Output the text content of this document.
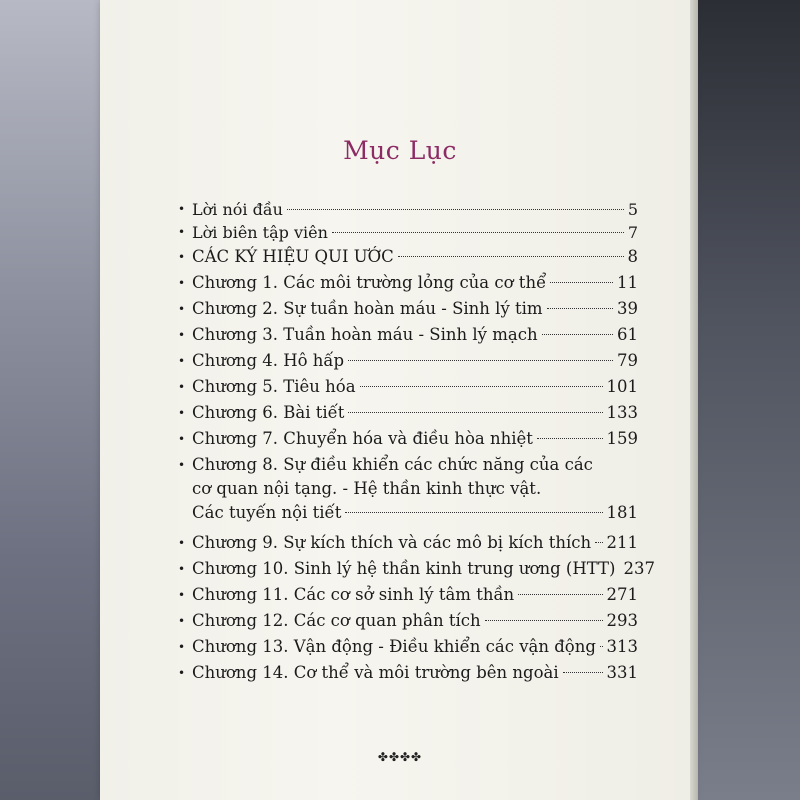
Mục Lục
• Lời nói đầu	5
• Lời biên tập viên	7
• CÁC KÝ HIỆU QUI ƯỚC	8
• Chương 1. Các môi trường lỏng của cơ thể	11
• Chương 2. Sự tuần hoàn máu - Sinh lý tim	39
• Chương 3. Tuần hoàn máu - Sinh lý mạch	61
• Chương 4. Hô hấp	79
• Chương 5. Tiêu hóa	101
• Chương 6. Bài tiết	133
• Chương 7. Chuyển hóa và điều hòa nhiệt	159
• Chương 8. Sự điều khiển các chức năng của các
cơ quan nội tạng. - Hệ thần kinh thực vật.
Các tuyến nội tiết	181
• Chương 9. Sự kích thích và các mô bị kích thích 211
• Chương 10. Sinh lý hệ thần kinh trung ương (HTT) 237
• Chương 11. Các cơ sở sinh lý tâm thần	271
• Chương 12. Các cơ quan phân tích	293
• Chương 13. Vận động - Điều khiển các vận động 313
• Chương 14. Cơ thể và môi trường bên ngoài	331
✤✤✤✤
